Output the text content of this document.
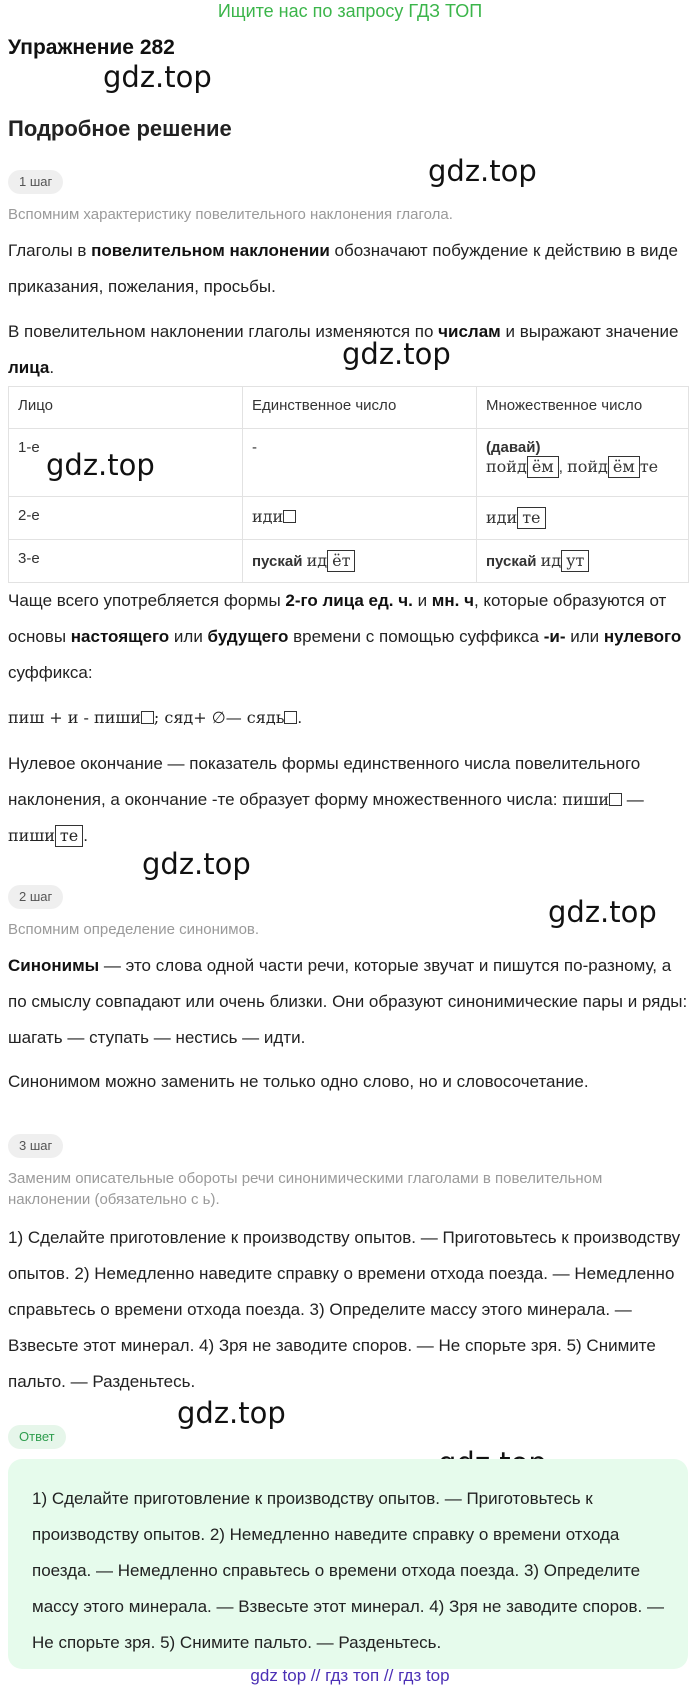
Ищите нас по запросу ГДЗ ТОП
Упражнение 282
Подробное решение
gdz.top
gdz.top
gdz.top
gdz.top
gdz.top
gdz.top
gdz.top
1 шаг
Вспомним характеристику повелительного наклонения глагола.
Глаголы в повелительном наклонении обозначают побуждение к действию в виде приказания, пожелания, просьбы.
В повелительном наклонении глаголы изменяются по числам и выражают значение лица.
Лицо	Единственное число	Множественное число
1-е	-	(давай)
пойд ём , пойд ём те
2-е	иди	иди те
3-е	пускай ид ёт	пускай ид ут
Чаще всего употребляется формы 2-го лица ед. ч. и мн. ч, которые образуются от основы настоящего или будущего времени с помощью суффикса -и- или нулевого суффикса:
пиш + и - пиши ; сяд+ ∅— сядь .
Нулевое окончание — показатель формы единственного числа повелительного наклонения, а окончание -те образует форму множественного числа: пиши — пиши те .
2 шаг
Вспомним определение синонимов.
Синонимы — это слова одной части речи, которые звучат и пишутся по-разному, а по смыслу совпадают или очень близки. Они образуют синонимические пары и ряды: шагать — ступать — нестись — идти.
Синонимом можно заменить не только одно слово, но и словосочетание.
3 шаг
Заменим описательные обороты речи синонимическими глаголами в повелительном наклонении (обязательно с ь).
1) Сделайте приготовление к производству опытов. — Приготовьтесь к производству опытов. 2) Немедленно наведите справку о времени отхода поезда. — Немедленно справьтесь о времени отхода поезда. 3) Определите массу этого минерала. — Взвесьте этот минерал. 4) Зря не заводите споров. — Не спорьте зря. 5) Снимите пальто. — Разденьтесь.
Ответ
1) Сделайте приготовление к производству опытов. — Приготовьтесь к производству опытов. 2) Немедленно наведите справку о времени отхода поезда. — Немедленно справьтесь о времени отхода поезда. 3) Определите массу этого минерала. — Взвесьте этот минерал. 4) Зря не заводите споров. — Не спорьте зря. 5) Снимите пальто. — Разденьтесь.
gdz top // гдз топ // гдз top
